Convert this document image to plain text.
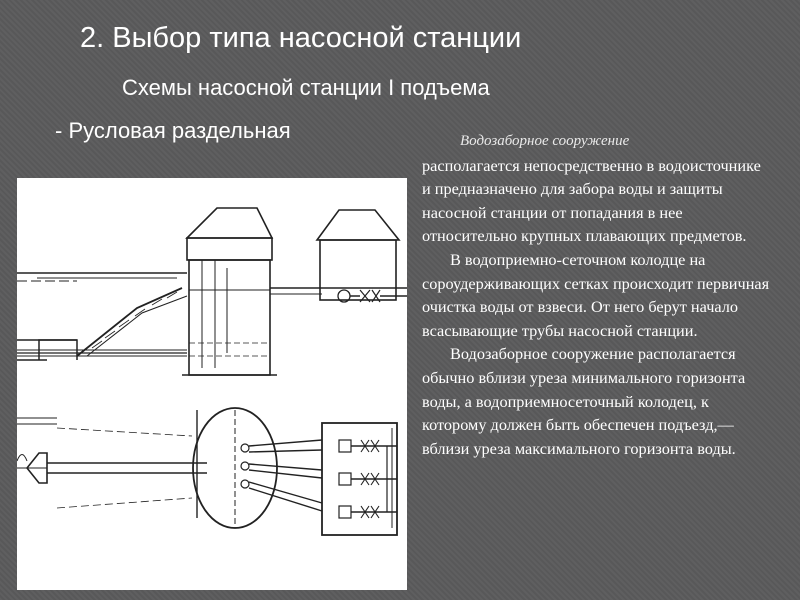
2. Выбор типа насосной станции
Схемы насосной станции I подъема
- Русловая раздельная	Водозаборное сооружение

располагается непосредственно в водоисточнике и предназначено для забора воды и защиты насосной станции от попадания в нее относительно крупных плавающих предметов.

В водоприемно-сеточном колодце на сороудерживающих сетках происходит первичная очистка воды от взвеси. От него берут начало всасывающие трубы насосной станции.

Водозаборное сооружение располагается обычно вблизи уреза минимального горизонта воды, а водоприемносеточный колодец, к которому должен быть обеспечен подъезд,— вблизи уреза максимального горизонта воды.
